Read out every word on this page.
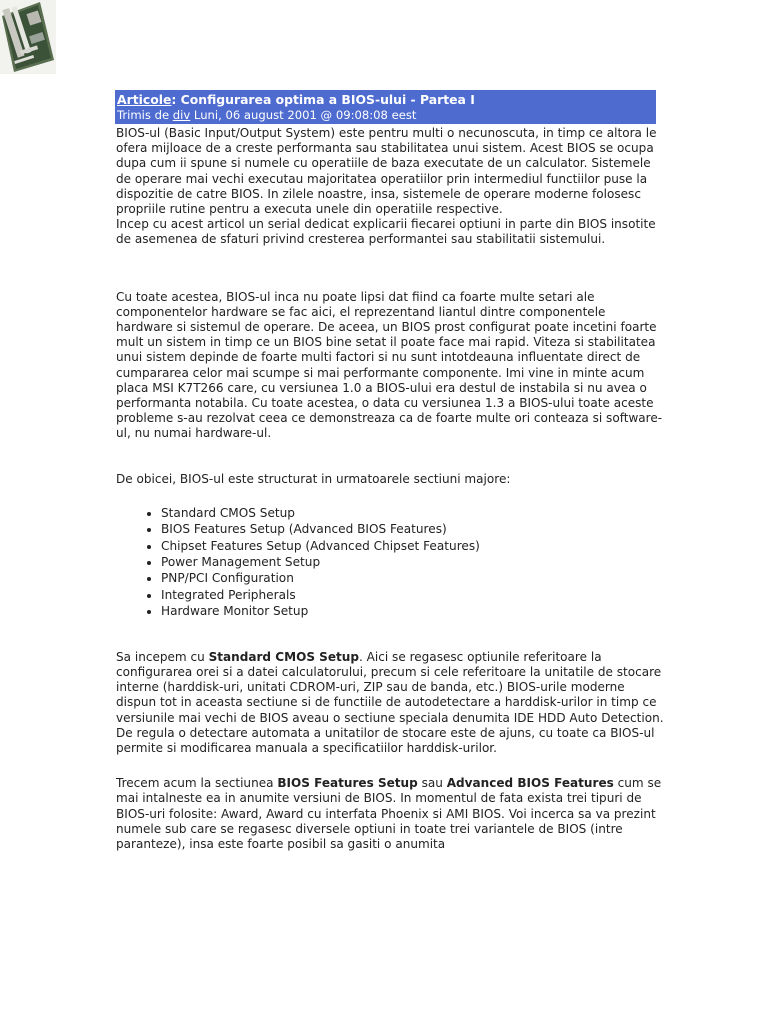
Articole: Configurarea optima a BIOS-ului - Partea I
Trimis de div Luni, 06 august 2001 @ 09:08:08 eest

BIOS-ul (Basic Input/Output System) este pentru multi o necunoscuta, in timp ce altora le ofera mijloace de a creste performanta sau stabilitatea unui sistem. Acest BIOS se ocupa dupa cum ii spune si numele cu operatiile de baza executate de un calculator. Sistemele de operare mai vechi executau majoritatea operatiilor prin intermediul functiilor puse la dispozitie de catre BIOS. In zilele noastre, insa, sistemele de operare moderne folosesc propriile rutine pentru a executa unele din operatiile respective.

Incep cu acest articol un serial dedicat explicarii fiecarei optiuni in parte din BIOS insotite de asemenea de sfaturi privind cresterea performantei sau stabilitatii sistemului.

Cu toate acestea, BIOS-ul inca nu poate lipsi dat fiind ca foarte multe setari ale componentelor hardware se fac aici, el reprezentand liantul dintre componentele hardware si sistemul de operare. De aceea, un BIOS prost configurat poate incetini foarte mult un sistem in timp ce un BIOS bine setat il poate face mai rapid. Viteza si stabilitatea unui sistem depinde de foarte multi factori si nu sunt intotdeauna influentate direct de cumpararea celor mai scumpe si mai performante componente. Imi vine in minte acum placa MSI K7T266 care, cu versiunea 1.0 a BIOS-ului era destul de instabila si nu avea o performanta notabila. Cu toate acestea, o data cu versiunea 1.3 a BIOS-ului toate aceste probleme s-au rezolvat ceea ce demonstreaza ca de foarte multe ori conteaza si software-ul, nu numai hardware-ul.

De obicei, BIOS-ul este structurat in urmatoarele sectiuni majore:

• Standard CMOS Setup
• BIOS Features Setup (Advanced BIOS Features)
• Chipset Features Setup (Advanced Chipset Features)
• Power Management Setup
• PNP/PCI Configuration
• Integrated Peripherals
• Hardware Monitor Setup

Sa incepem cu Standard CMOS Setup. Aici se regasesc optiunile referitoare la configurarea orei si a datei calculatorului, precum si cele referitoare la unitatile de stocare interne (harddisk-uri, unitati CDROM-uri, ZIP sau de banda, etc.) BIOS-urile moderne dispun tot in aceasta sectiune si de functiile de autodetectare a harddisk-urilor in timp ce versiunile mai vechi de BIOS aveau o sectiune speciala denumita IDE HDD Auto Detection. De regula o detectare automata a unitatilor de stocare este de ajuns, cu toate ca BIOS-ul permite si modificarea manuala a specificatiilor harddisk-urilor.

Trecem acum la sectiunea BIOS Features Setup sau Advanced BIOS Features cum se mai intalneste ea in anumite versiuni de BIOS. In momentul de fata exista trei tipuri de BIOS-uri folosite: Award, Award cu interfata Phoenix si AMI BIOS. Voi incerca sa va prezint numele sub care se regasesc diversele optiuni in toate trei variantele de BIOS (intre paranteze), insa este foarte posibil sa gasiti o anumita
